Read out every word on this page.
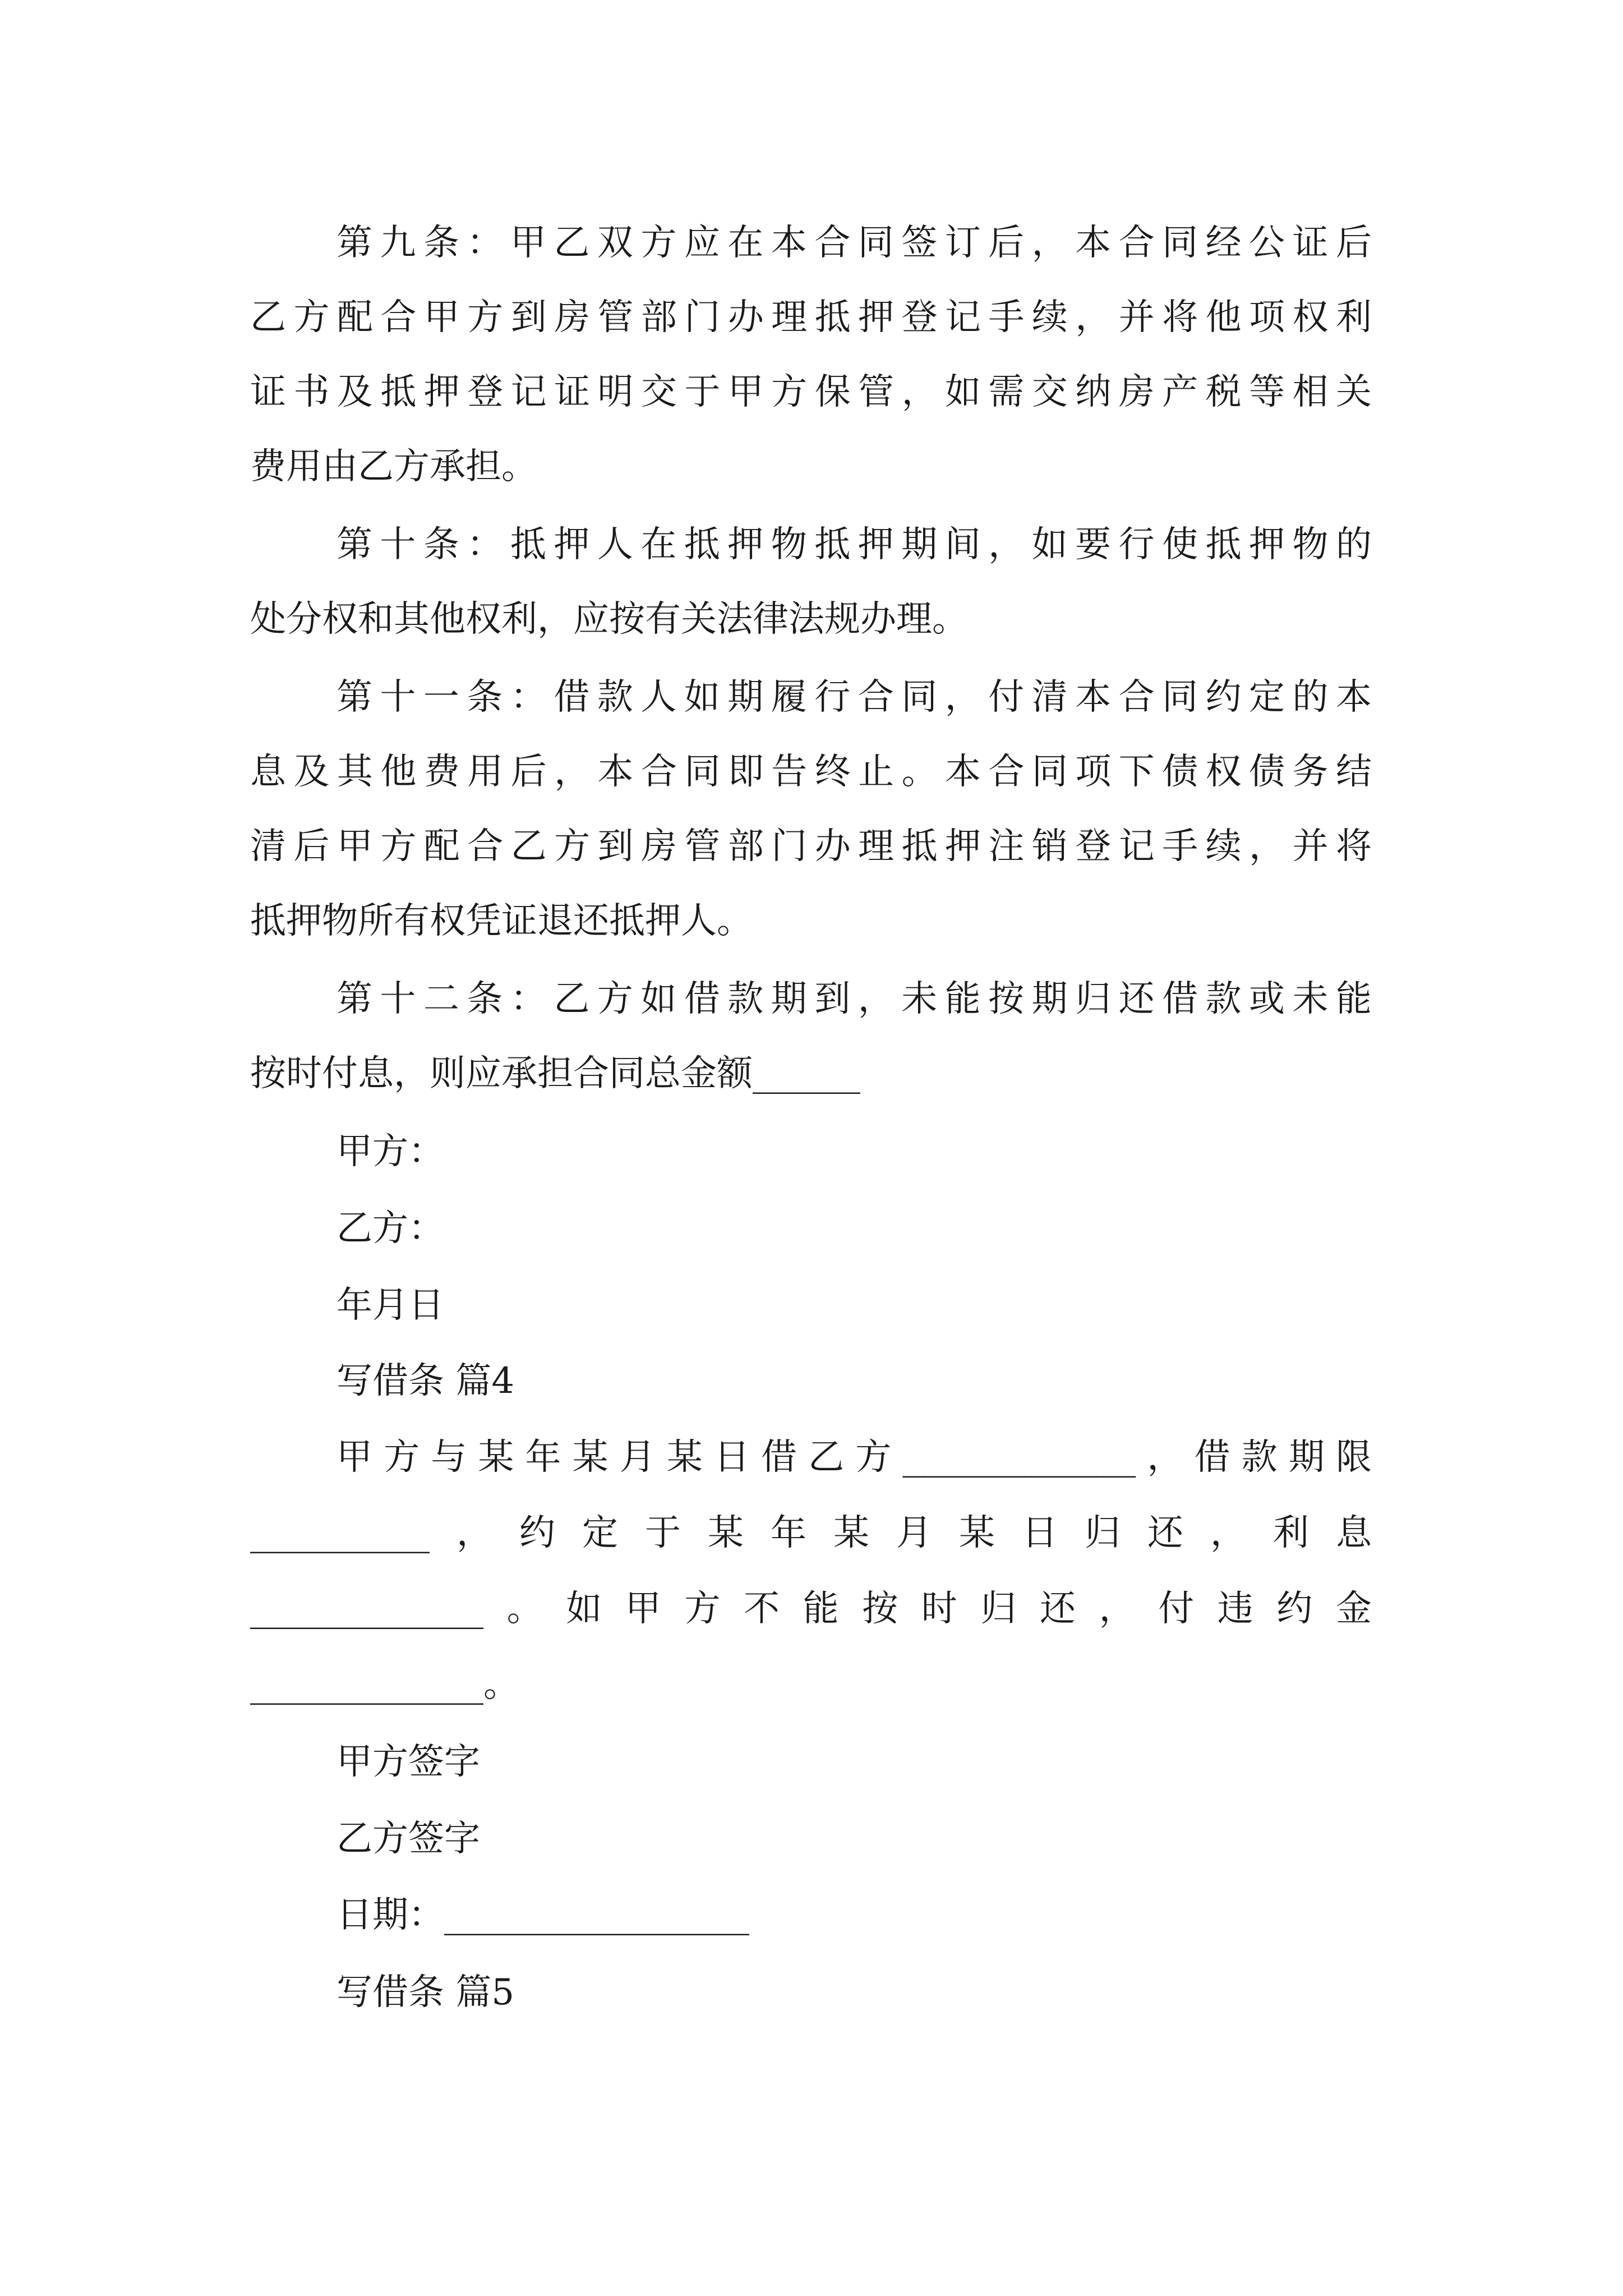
第九条：甲乙双方应在本合同签订后，本合同经公证后

乙方配合甲方到房管部门办理抵押登记手续，并将他项权利

证书及抵押登记证明交于甲方保管，如需交纳房产税等相关

费用由乙方承担。

第十条：抵押人在抵押物抵押期间，如要行使抵押物的

处分权和其他权利，应按有关法律法规办理。

第十一条：借款人如期履行合同，付清本合同约定的本

息及其他费用后，本合同即告终止。本合同项下债权债务结

清后甲方配合乙方到房管部门办理抵押注销登记手续，并将

抵押物所有权凭证退还抵押人。

第十二条：乙方如借款期到，未能按期归还借款或未能

按时付息，则应承担合同总金额______

甲方：

乙方：

年月日

写借条 篇4

甲方与某年某月某日借乙方_____________，借款期限

__________，约定于某年某月某日归还，利息

_____________。如甲方不能按时归还，付违约金

_____________。

甲方签字

乙方签字

日期：_________________

写借条 篇5
